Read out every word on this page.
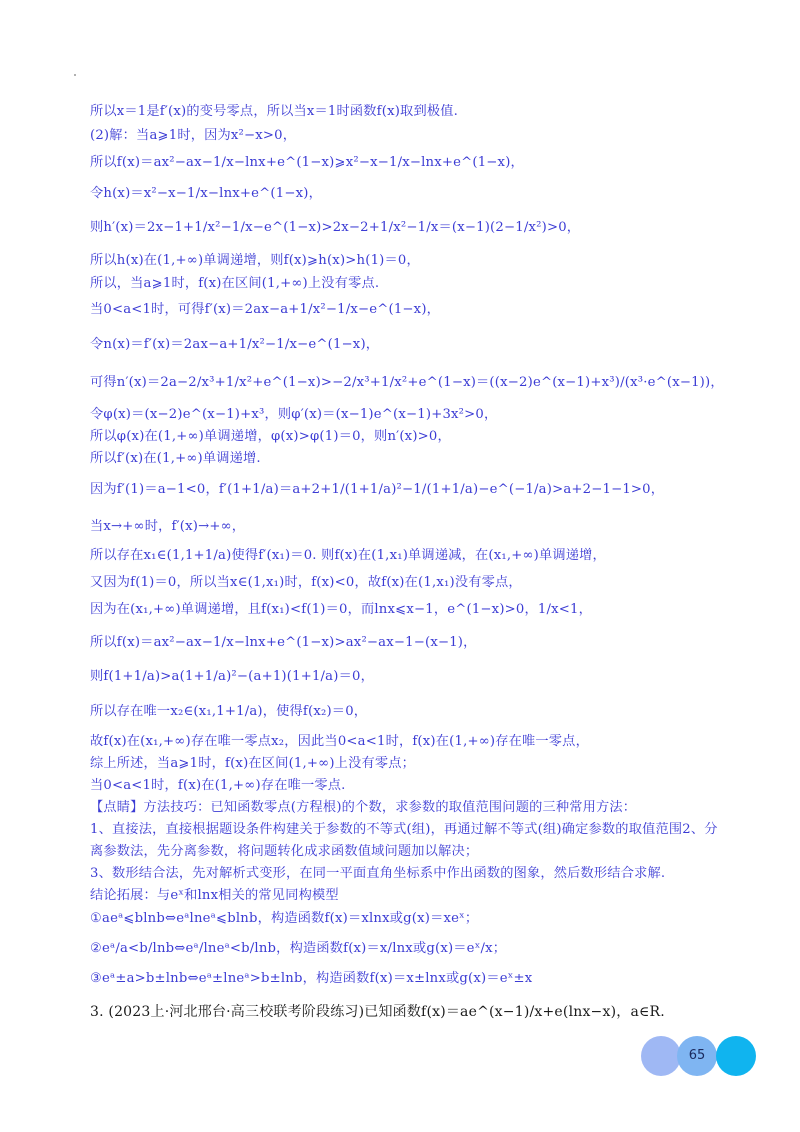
所以x＝1是f′(x)的变号零点，所以当x＝1时函数f(x)取到极值.
(2)解：当a⩾1时，因为x²−x>0，
所以f(x)＝ax²−ax−1/x−lnx+e^(1−x)⩾x²−x−1/x−lnx+e^(1−x)，
令h(x)＝x²−x−1/x−lnx+e^(1−x)，
则h′(x)＝2x−1+1/x²−1/x−e^(1−x)>2x−2+1/x²−1/x＝(x−1)(2−1/x²)>0，
所以h(x)在(1,+∞)单调递增，则f(x)⩾h(x)>h(1)＝0，
所以，当a⩾1时，f(x)在区间(1,+∞)上没有零点.
当0<a<1时，可得f′(x)＝2ax−a+1/x²−1/x−e^(1−x)，
令n(x)＝f′(x)＝2ax−a+1/x²−1/x−e^(1−x)，
可得n′(x)＝2a−2/x³+1/x²+e^(1−x)>−2/x³+1/x²+e^(1−x)＝((x−2)e^(x−1)+x³)/(x³·e^(x−1))，
令φ(x)＝(x−2)e^(x−1)+x³，则φ′(x)＝(x−1)e^(x−1)+3x²>0，
所以φ(x)在(1,+∞)单调递增，φ(x)>φ(1)＝0，则n′(x)>0，
所以f′(x)在(1,+∞)单调递增.
因为f′(1)＝a−1<0，f′(1+1/a)＝a+2+1/(1+1/a)²−1/(1+1/a)−e^(−1/a)>a+2−1−1>0，
当x→+∞时，f′(x)→+∞，
所以存在x₁∈(1,1+1/a)使得f′(x₁)＝0. 则f(x)在(1,x₁)单调递减，在(x₁,+∞)单调递增，
又因为f(1)＝0，所以当x∈(1,x₁)时，f(x)<0，故f(x)在(1,x₁)没有零点，
因为在(x₁,+∞)单调递增，且f(x₁)<f(1)＝0，而lnx⩽x−1，e^(1−x)>0，1/x<1，
所以f(x)＝ax²−ax−1/x−lnx+e^(1−x)>ax²−ax−1−(x−1)，
则f(1+1/a)>a(1+1/a)²−(a+1)(1+1/a)＝0，
所以存在唯一x₂∈(x₁,1+1/a)，使得f(x₂)＝0，
故f(x)在(x₁,+∞)存在唯一零点x₂，因此当0<a<1时，f(x)在(1,+∞)存在唯一零点，
综上所述，当a⩾1时，f(x)在区间(1,+∞)上没有零点；
当0<a<1时，f(x)在(1,+∞)存在唯一零点.
【点睛】方法技巧：已知函数零点(方程根)的个数，求参数的取值范围问题的三种常用方法：
1、直接法，直接根据题设条件构建关于参数的不等式(组)，再通过解不等式(组)确定参数的取值范围2、分
离参数法，先分离参数，将问题转化成求函数值域问题加以解决；
3、数形结合法，先对解析式变形，在同一平面直角坐标系中作出函数的图象，然后数形结合求解.
结论拓展：与eˣ和lnx相关的常见同构模型
①aeᵃ⩽blnb⇔eᵃlneᵃ⩽blnb，构造函数f(x)＝xlnx或g(x)＝xeˣ；
②eᵃ/a<b/lnb⇔eᵃ/lneᵃ<b/lnb，构造函数f(x)＝x/lnx或g(x)＝eˣ/x；
③eᵃ±a>b±lnb⇔eᵃ±lneᵃ>b±lnb，构造函数f(x)＝x±lnx或g(x)＝eˣ±x
3. (2023上·河北邢台·高三校联考阶段练习)已知函数f(x)＝ae^(x−1)/x+e(lnx−x)，a∈R.
65
